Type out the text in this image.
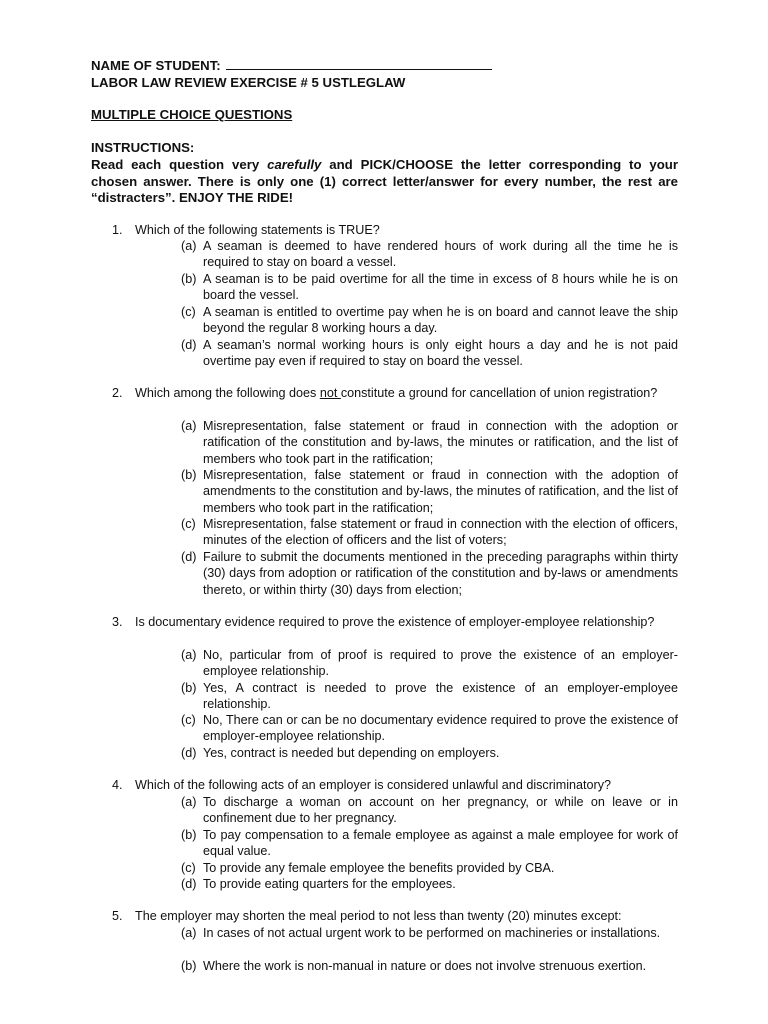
NAME OF STUDENT:
LABOR LAW REVIEW EXERCISE # 5 USTLEGLAW
MULTIPLE CHOICE QUESTIONS
INSTRUCTIONS:
Read each question very carefully and PICK/CHOOSE the letter corresponding to your chosen answer. There is only one (1) correct letter/answer for every number, the rest are “distracters”. ENJOY THE RIDE!
1. Which of the following statements is TRUE?
(a) A seaman is deemed to have rendered hours of work during all the time he is required to stay on board a vessel.
(b) A seaman is to be paid overtime for all the time in excess of 8 hours while he is on board the vessel.
(c) A seaman is entitled to overtime pay when he is on board and cannot leave the ship beyond the regular 8 working hours a day.
(d) A seaman’s normal working hours is only eight hours a day and he is not paid overtime pay even if required to stay on board the vessel.
2. Which among the following does not constitute a ground for cancellation of union registration?
(a) Misrepresentation, false statement or fraud in connection with the adoption or ratification of the constitution and by-laws, the minutes or ratification, and the list of members who took part in the ratification;
(b) Misrepresentation, false statement or fraud in connection with the adoption of amendments to the constitution and by-laws, the minutes of ratification, and the list of members who took part in the ratification;
(c) Misrepresentation, false statement or fraud in connection with the election of officers, minutes of the election of officers and the list of voters;
(d) Failure to submit the documents mentioned in the preceding paragraphs within thirty (30) days from adoption or ratification of the constitution and by-laws or amendments thereto, or within thirty (30) days from election;
3. Is documentary evidence required to prove the existence of employer-employee relationship?
(a) No, particular from of proof is required to prove the existence of an employer-employee relationship.
(b) Yes, A contract is needed to prove the existence of an employer-employee relationship.
(c) No, There can or can be no documentary evidence required to prove the existence of employer-employee relationship.
(d) Yes, contract is needed but depending on employers.
4. Which of the following acts of an employer is considered unlawful and discriminatory?
(a) To discharge a woman on account on her pregnancy, or while on leave or in confinement due to her pregnancy.
(b) To pay compensation to a female employee as against a male employee for work of equal value.
(c) To provide any female employee the benefits provided by CBA.
(d) To provide eating quarters for the employees.
5. The employer may shorten the meal period to not less than twenty (20) minutes except:
(a) In cases of not actual urgent work to be performed on machineries or installations.
(b) Where the work is non-manual in nature or does not involve strenuous exertion.
